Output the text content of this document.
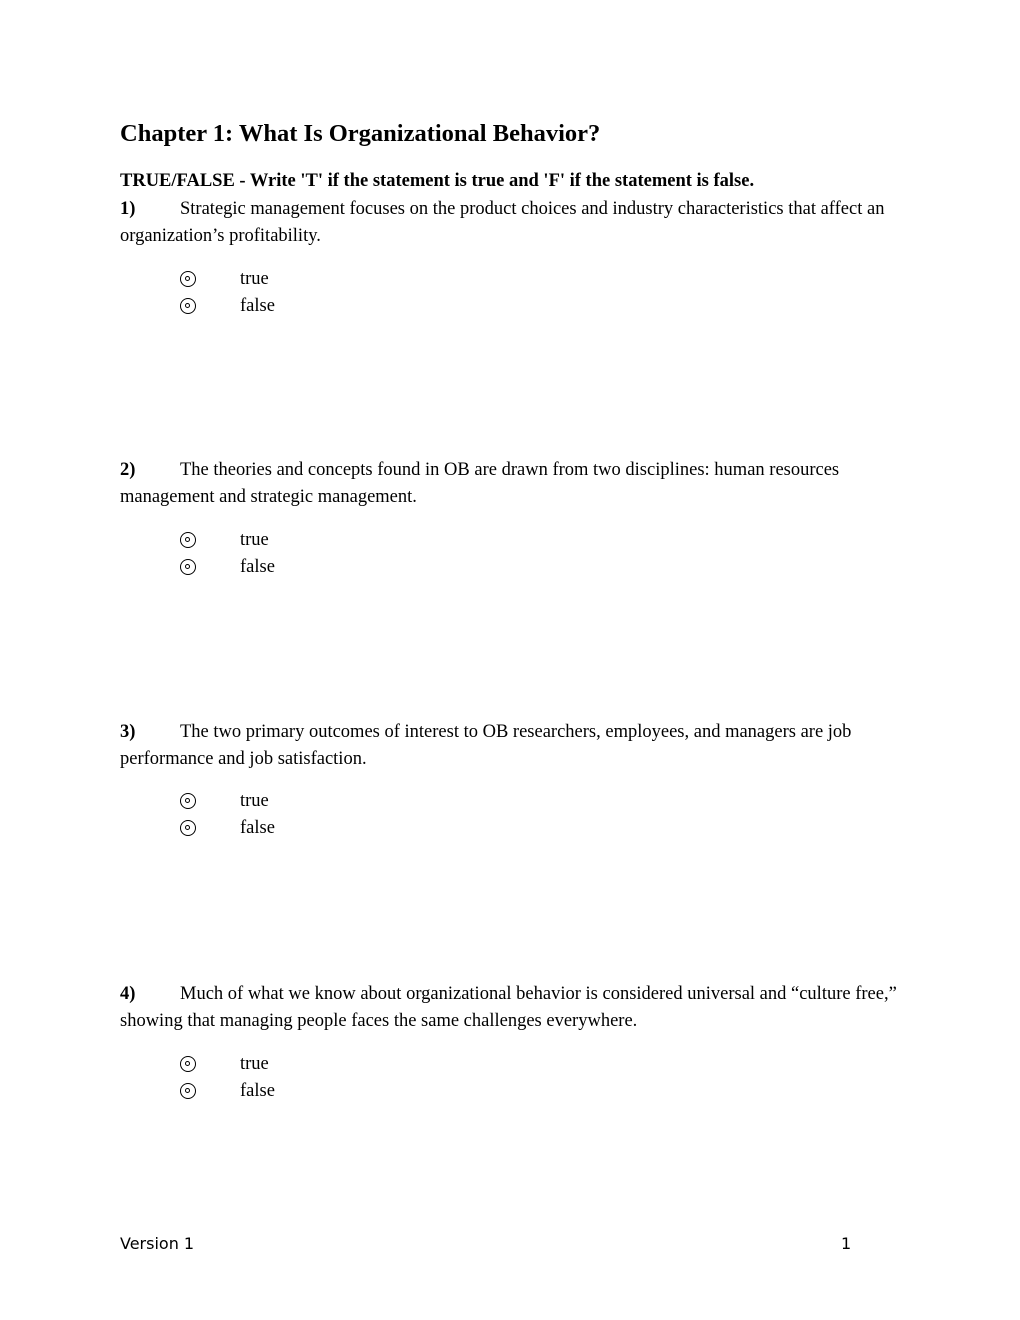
Chapter 1: What Is Organizational Behavior?

TRUE/FALSE - Write 'T' if the statement is true and 'F' if the statement is false.

1) Strategic management focuses on the product choices and industry characteristics that affect an organization’s profitability.

true
false

2) The theories and concepts found in OB are drawn from two disciplines: human resources management and strategic management.

true
false

3) The two primary outcomes of interest to OB researchers, employees, and managers are job performance and job satisfaction.

true
false

4) Much of what we know about organizational behavior is considered universal and “culture free,” showing that managing people faces the same challenges everywhere.

true
false
Version 1	1
